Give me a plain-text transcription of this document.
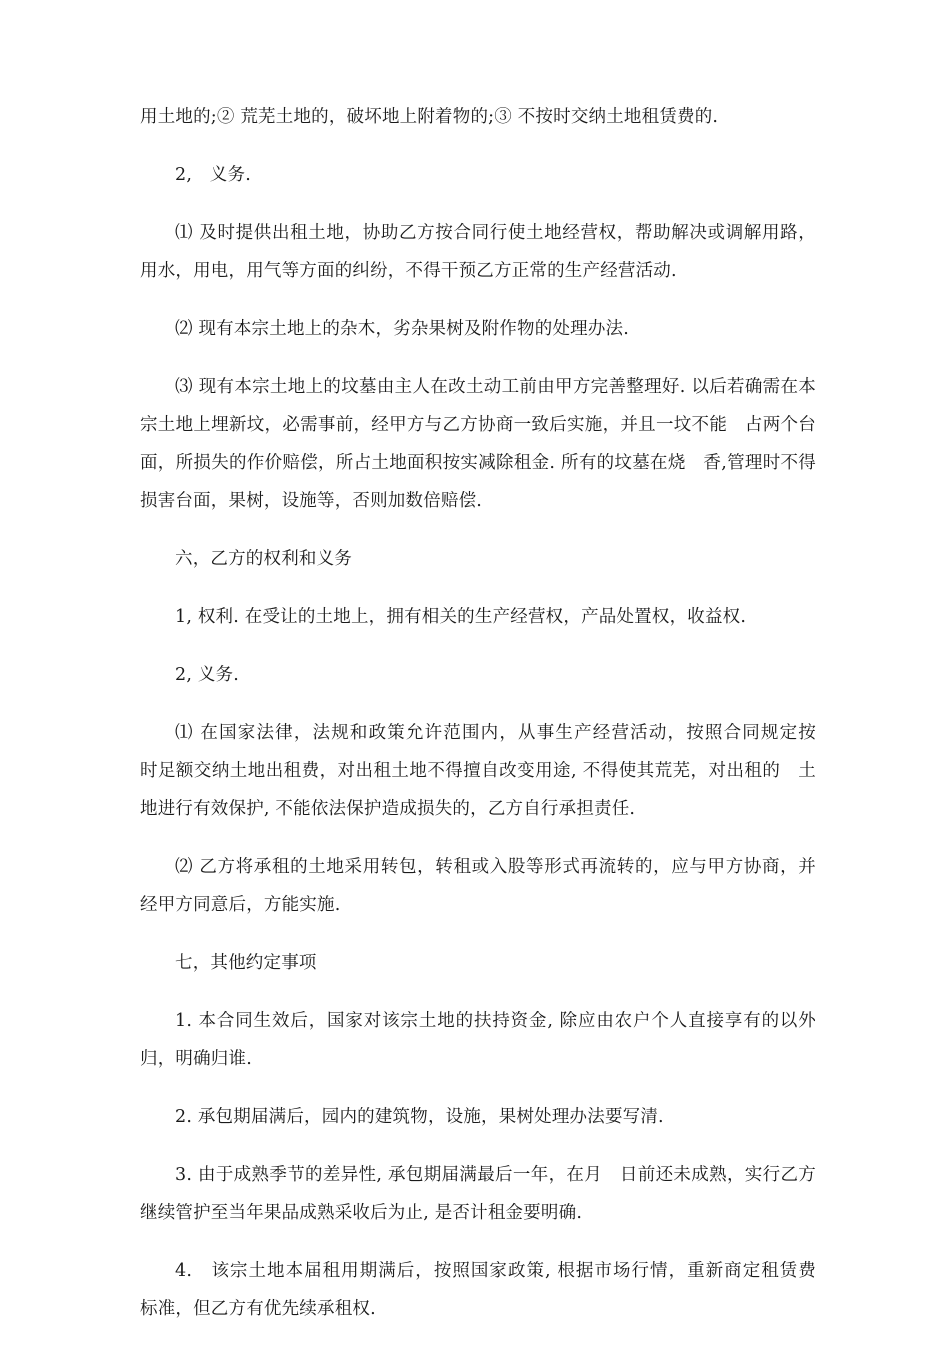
用土地的;② 荒芜土地的，破坏地上附着物的;③ 不按时交纳土地租赁费的.

2,　义务.

⑴ 及时提供出租土地，协助乙方按合同行使土地经营权，帮助解决或调解用路，用水，用电，用气等方面的纠纷，不得干预乙方正常的生产经营活动.

⑵ 现有本宗土地上的杂木，劣杂果树及附作物的处理办法.

⑶ 现有本宗土地上的坟墓由主人在改土动工前由甲方完善整理好. 以后若确需在本宗土地上埋新坟，必需事前，经甲方与乙方协商一致后实施，并且一坟不能　占两个台面，所损失的作价赔偿，所占土地面积按实减除租金. 所有的坟墓在烧　香,管理时不得损害台面，果树，设施等，否则加数倍赔偿.

六，乙方的权利和义务

1, 权利. 在受让的土地上，拥有相关的生产经营权，产品处置权，收益权.

2, 义务.

⑴ 在国家法律，法规和政策允许范围内，从事生产经营活动，按照合同规定按　时足额交纳土地出租费，对出租土地不得擅自改变用途, 不得使其荒芜，对出租的　土地进行有效保护, 不能依法保护造成损失的，乙方自行承担责任.

⑵ 乙方将承租的土地采用转包，转租或入股等形式再流转的，应与甲方协商，并经甲方同意后，方能实施.

七，其他约定事项

1. 本合同生效后，国家对该宗土地的扶持资金, 除应由农户个人直接享有的以外归，明确归谁.

2. 承包期届满后，园内的建筑物，设施，果树处理办法要写清.

3. 由于成熟季节的差异性, 承包期届满最后一年，在月　日前还未成熟，实行乙方继续管护至当年果品成熟采收后为止, 是否计租金要明确.

4.　该宗土地本届租用期满后，按照国家政策, 根据市场行情，重新商定租赁费　标准，但乙方有优先续承租权.
